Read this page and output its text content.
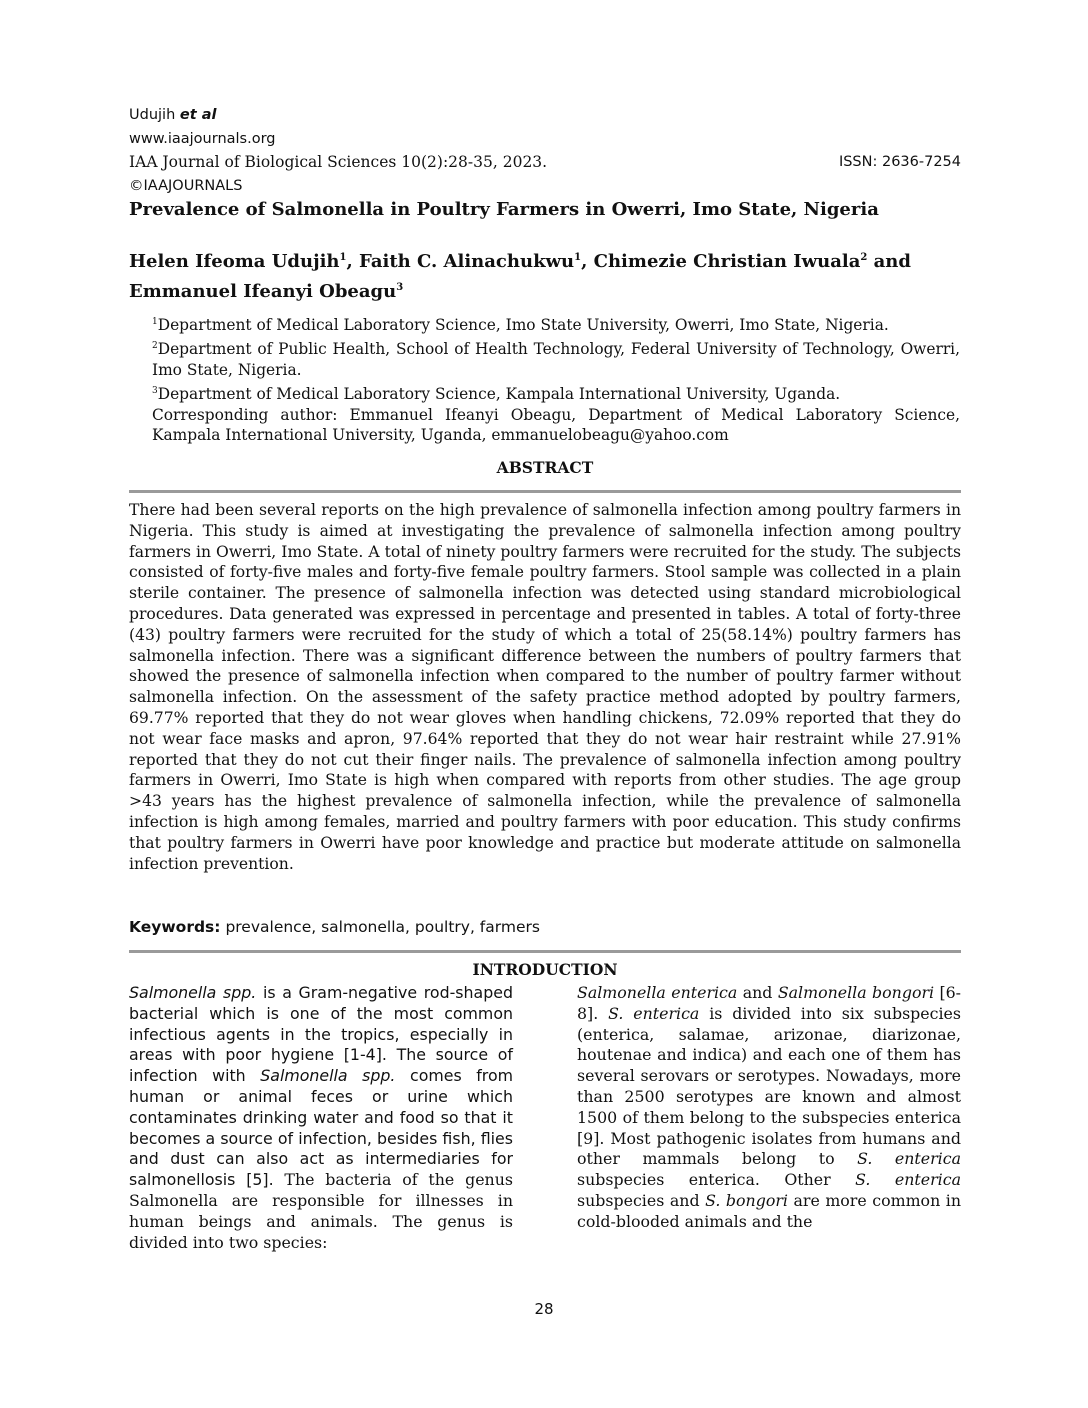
Udujih et al
www.iaajournals.org
IAA Journal of Biological Sciences 10(2):28-35, 2023.	ISSN: 2636-7254
©IAAJOURNALS
Prevalence of Salmonella in Poultry Farmers in Owerri, Imo State, Nigeria
Helen Ifeoma Udujih$^1$, Faith C. Alinachukwu$^1$, Chimezie Christian Iwuala$^2$ and Emmanuel Ifeanyi Obeagu$^3$

$^1$Department of Medical Laboratory Science, Imo State University, Owerri, Imo State, Nigeria.

$^2$Department of Public Health, School of Health Technology, Federal University of Technology, Owerri, Imo State, Nigeria.

$^3$Department of Medical Laboratory Science, Kampala International University, Uganda.

Corresponding author: Emmanuel Ifeanyi Obeagu, Department of Medical Laboratory Science, Kampala International University, Uganda, emmanuelobeagu@yahoo.com

ABSTRACT

There had been several reports on the high prevalence of salmonella infection among poultry farmers in Nigeria. This study is aimed at investigating the prevalence of salmonella infection among poultry farmers in Owerri, Imo State. A total of ninety poultry farmers were recruited for the study. The subjects consisted of forty-five males and forty-five female poultry farmers. Stool sample was collected in a plain sterile container. The presence of salmonella infection was detected using standard microbiological procedures. Data generated was expressed in percentage and presented in tables. A total of forty-three (43) poultry farmers were recruited for the study of which a total of 25(58.14%) poultry farmers has salmonella infection. There was a significant difference between the numbers of poultry farmers that showed the presence of salmonella infection when compared to the number of poultry farmer without salmonella infection. On the assessment of the safety practice method adopted by poultry farmers, 69.77% reported that they do not wear gloves when handling chickens, 72.09% reported that they do not wear face masks and apron, 97.64% reported that they do not wear hair restraint while 27.91% reported that they do not cut their finger nails. The prevalence of salmonella infection among poultry farmers in Owerri, Imo State is high when compared with reports from other studies. The age group >43 years has the highest prevalence of salmonella infection, while the prevalence of salmonella infection is high among females, married and poultry farmers with poor education. This study confirms that poultry farmers in Owerri have poor knowledge and practice but moderate attitude on salmonella infection prevention.

Keywords: prevalence, salmonella, poultry, farmers
INTRODUCTION

Salmonella spp. is a Gram-negative rod-shaped bacterial which is one of the most common infectious agents in the tropics, especially in areas with poor hygiene [1-4]. The source of infection with Salmonella spp. comes from human or animal feces or urine which contaminates drinking water and food so that it becomes a source of infection, besides fish, flies and dust can also act as intermediaries for salmonellosis [5]. The bacteria of the genus Salmonella are responsible for illnesses in human beings and animals. The genus is divided into two species:

Salmonella enterica and Salmonella bongori [6-8]. S. enterica is divided into six subspecies (enterica, salamae, arizonae, diarizonae, houtenae and indica) and each one of them has several serovars or serotypes. Nowadays, more than 2500 serotypes are known and almost 1500 of them belong to the subspecies enterica [9]. Most pathogenic isolates from humans and other mammals belong to S. enterica subspecies enterica. Other S. enterica subspecies and S. bongori are more common in cold-blooded animals and the

28
